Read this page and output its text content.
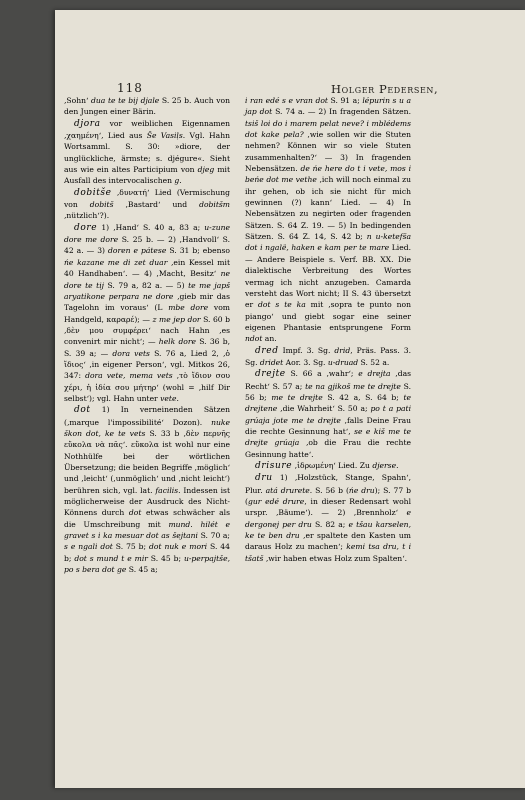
118	Holger Pedersen,

‚Sohn‘ dua te te bij djale S. 25 b. Auch von den Jungen einer Bärin.

djora vor weiblichen Eigennamen ‚χαημένη‘, Lied aus Še Vasiļs. Vgl. Hahn Wortsamml. S. 30: »diore, der unglückliche, ärmste; s. djégure«. Sieht aus wie ein altes Participium von djeg mit Ausfall des intervocalischen g.

dobitše ‚δυνατή‘ Lied (Vermischung von dobitš ‚Bastard‘ und dobitšm ‚nützlich‘?).

dore 1) ‚Hand‘ S. 40 a, 83 a; u-zune dore me dore S. 25 b. — 2) ‚Handvoll‘ S. 42 a. — 3) doren e pátese S. 31 b; ebenso ńe kazane me di zet duar ‚ein Kessel mit 40 Handhaben‘. — 4) ‚Macht, Besitz‘ ne dore te tij S. 79 a, 82 a. — 5) te me japš aryatikone perpara ne dore ‚gieb mir das Tagelohn im voraus‘ (L mbe dore vom Handgeld, καραρέ); — z me jep dor S. 60 b ‚δὲν μου συμφέρει‘ nach Hahn ‚es convenirt mir nicht‘; — helk dore S. 36 b, S. 39 a; — dora vets S. 76 a, Lied 2, ‚ὁ ἴδιος‘ ‚in eigener Person‘, vgl. Mitkos 26, 347: dora vete, mema vets ‚τὸ ἴδιον σου χέρι, ἡ ἰδία σου μήτηρ‘ (wohl = ‚hilf Dir selbst‘); vgl. Hahn unter vete.

dot 1) In verneinenden Sätzen (‚marque l'impossibilité‘ Dozon). nuke škon dot, ke te vets S. 33 b ‚δὲν περνῆς εὔκολα νὰ πᾶς‘. εὔκολα ist wohl nur eine Nothhülfe bei der wörtlichen Übersetzung; die beiden Begriffe ‚möglich‘ und ‚leicht‘ (‚unmöglich‘ und ‚nicht leicht‘) berühren sich, vgl. lat. facilis. Indessen ist möglicherweise der Ausdruck des Nicht-Könnens durch dot etwas schwächer als die Umschreibung mit mund. hilét e gravet s i ka mesuar dot as šejtani S. 70 a; s e ngali dot S. 75 b; dot nuk e mori S. 44 b; dot s mund t e mir S. 45 b; u-perpajtše, po s bera dot ge S. 45 a;

i ran edé s e vran dot S. 91 a; lépurin s u a jap dot S. 74 a. — 2) In fragenden Sätzen. tsiš loi do i marem pelat neve? i mblédems dot kake pela? ‚wie sollen wir die Stuten nehmen? Können wir so viele Stuten zusammenhalten?‘ — 3) In fragenden Nebensätzen. de ńe here do t i vete, mos i beńe dot me vethe ‚ich will noch einmal zu ihr gehen, ob ich sie nicht für mich gewinnen (?) kann‘ Lied. — 4) In Nebensätzen zu negirten oder fragenden Sätzen. S. 64 Z. 19. — 5) In bedingenden Sätzen. S. 64 Z. 14, S. 42 b; n u-ketefša dot i ngalë, haken e kam per te mare Lied. — Andere Beispiele s. Verf. BB. XX. Die dialektische Verbreitung des Wortes vermag ich nicht anzugeben. Camarda versteht das Wort nicht; II S. 43 übersetzt er dot s te ka mit ‚sopra te punto non piango‘ und giebt sogar eine seiner eigenen Phantasie entsprungene Form ndot an.

dred Impf. 3. Sg. drid, Präs. Pass. 3. Sg. dridet Aor. 3. Sg. u-druad S. 52 a.

drejte S. 66 a ‚wahr‘; e drejta ‚das Recht‘ S. 57 a; te na gjikoš me te drejte S. 56 b; me te drejte S. 42 a, S. 64 b; te drejtene ‚die Wahrheit‘ S. 50 a; po t a pati grúaja jote me te drejte ‚falls Deine Frau die rechte Gesinnung hat‘, se e kiš me te drejte grúaja ‚ob die Frau die rechte Gesinnung hatte‘.

drisure ‚ἱδρωμένη‘ Lied. Zu djerse.

dru 1) ‚Holzstück, Stange, Spahn‘, Plur. atá drurete. S. 56 b (ńe dru); S. 77 b (gur edé drure, in dieser Redensart wohl urspr. ‚Bäume‘). — 2) ‚Brennholz‘ e dergonej per dru S. 82 a; e tšau karselen, ke te ben dru ‚er spaltete den Kasten um daraus Holz zu machen‘; kemi tsa dru, t i tšatš ‚wir haben etwas Holz zum Spalten‘.
